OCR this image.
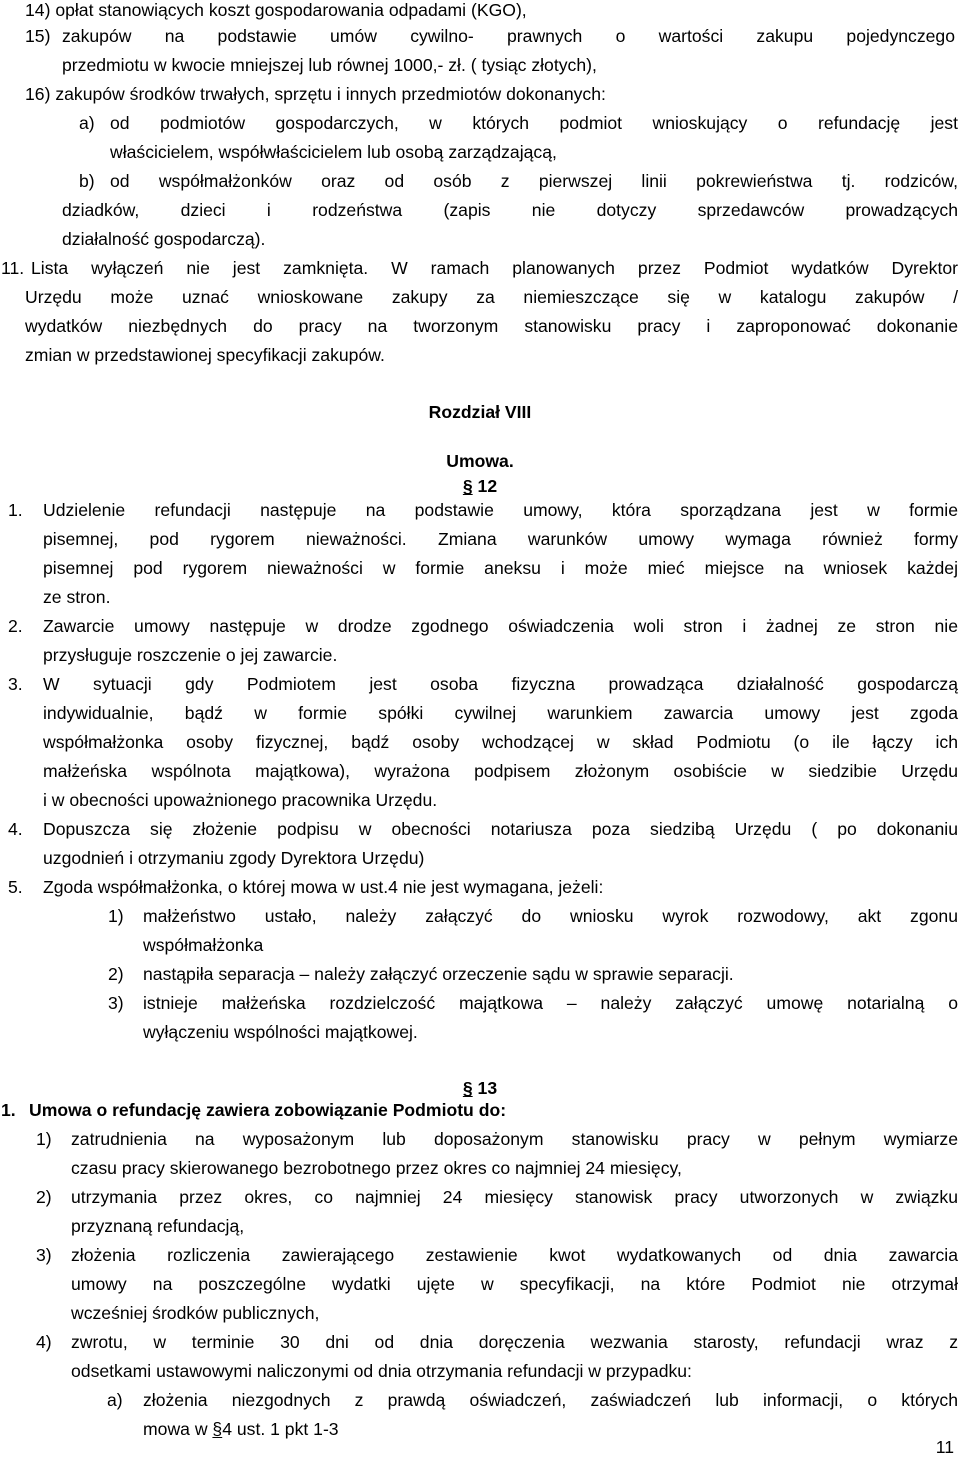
14) opłat stanowiących koszt gospodarowania odpadami (KGO),
15) zakupów na podstawie umów cywilno- prawnych o wartości zakupu pojedynczego
przedmiotu w kwocie mniejszej lub równej 1000,- zł. ( tysiąc złotych),
16) zakupów środków trwałych, sprzętu i innych przedmiotów dokonanych:
a) od podmiotów gospodarczych, w których podmiot wnioskujący o refundację jest
właścicielem, współwłaścicielem lub osobą zarządzającą,
b) od współmałżonków oraz od osób z pierwszej linii pokrewieństwa tj. rodziców,
dziadków, dzieci i rodzeństwa (zapis nie dotyczy sprzedawców prowadzących
działalność gospodarczą).
11. Lista wyłączeń nie jest zamknięta. W ramach planowanych przez Podmiot wydatków Dyrektor
Urzędu może uznać wnioskowane zakupy za niemieszczące się w katalogu zakupów /
wydatków niezbędnych do pracy na tworzonym stanowisku pracy i zaproponować dokonanie
zmian w przedstawionej specyfikacji zakupów.
Rozdział VIII
Umowa.
§ 12
1. Udzielenie refundacji następuje na podstawie umowy, która sporządzana jest w formie
pisemnej, pod rygorem nieważności. Zmiana warunków umowy wymaga również formy
pisemnej pod rygorem nieważności w formie aneksu i może mieć miejsce na wniosek każdej
ze stron.
2. Zawarcie umowy następuje w drodze zgodnego oświadczenia woli stron i żadnej ze stron nie
przysługuje roszczenie o jej zawarcie.
3. W sytuacji gdy Podmiotem jest osoba fizyczna prowadząca działalność gospodarczą
indywidualnie, bądź w formie spółki cywilnej warunkiem zawarcia umowy jest zgoda
współmałżonka osoby fizycznej, bądź osoby wchodzącej w skład Podmiotu (o ile łączy ich
małżeńska wspólnota majątkowa), wyrażona podpisem złożonym osobiście w siedzibie Urzędu
i w obecności upoważnionego pracownika Urzędu.
4. Dopuszcza się złożenie podpisu w obecności notariusza poza siedzibą Urzędu ( po dokonaniu
uzgodnień i otrzymaniu zgody Dyrektora Urzędu)
5. Zgoda współmałżonka, o której mowa w ust.4 nie jest wymagana, jeżeli:
1) małżeństwo ustało, należy załączyć do wniosku wyrok rozwodowy, akt zgonu
współmałżonka
2) nastąpiła separacja – należy załączyć orzeczenie sądu w sprawie separacji.
3) istnieje małżeńska rozdzielczość majątkowa – należy załączyć umowę notarialną o
wyłączeniu wspólności majątkowej.
§ 13
1. Umowa o refundację zawiera zobowiązanie Podmiotu do:
1) zatrudnienia na wyposażonym lub doposażonym stanowisku pracy w pełnym wymiarze
czasu pracy skierowanego bezrobotnego przez okres co najmniej 24 miesięcy,
2) utrzymania przez okres, co najmniej 24 miesięcy stanowisk pracy utworzonych w związku
przyznaną refundacją,
3) złożenia rozliczenia zawierającego zestawienie kwot wydatkowanych od dnia zawarcia
umowy na poszczególne wydatki ujęte w specyfikacji, na które Podmiot nie otrzymał
wcześniej środków publicznych,
4) zwrotu, w terminie 30 dni od dnia doręczenia wezwania starosty, refundacji wraz z
odsetkami ustawowymi naliczonymi od dnia otrzymania refundacji w przypadku:
a) złożenia niezgodnych z prawdą oświadczeń, zaświadczeń lub informacji, o których
mowa w §4 ust. 1 pkt 1-3
11
